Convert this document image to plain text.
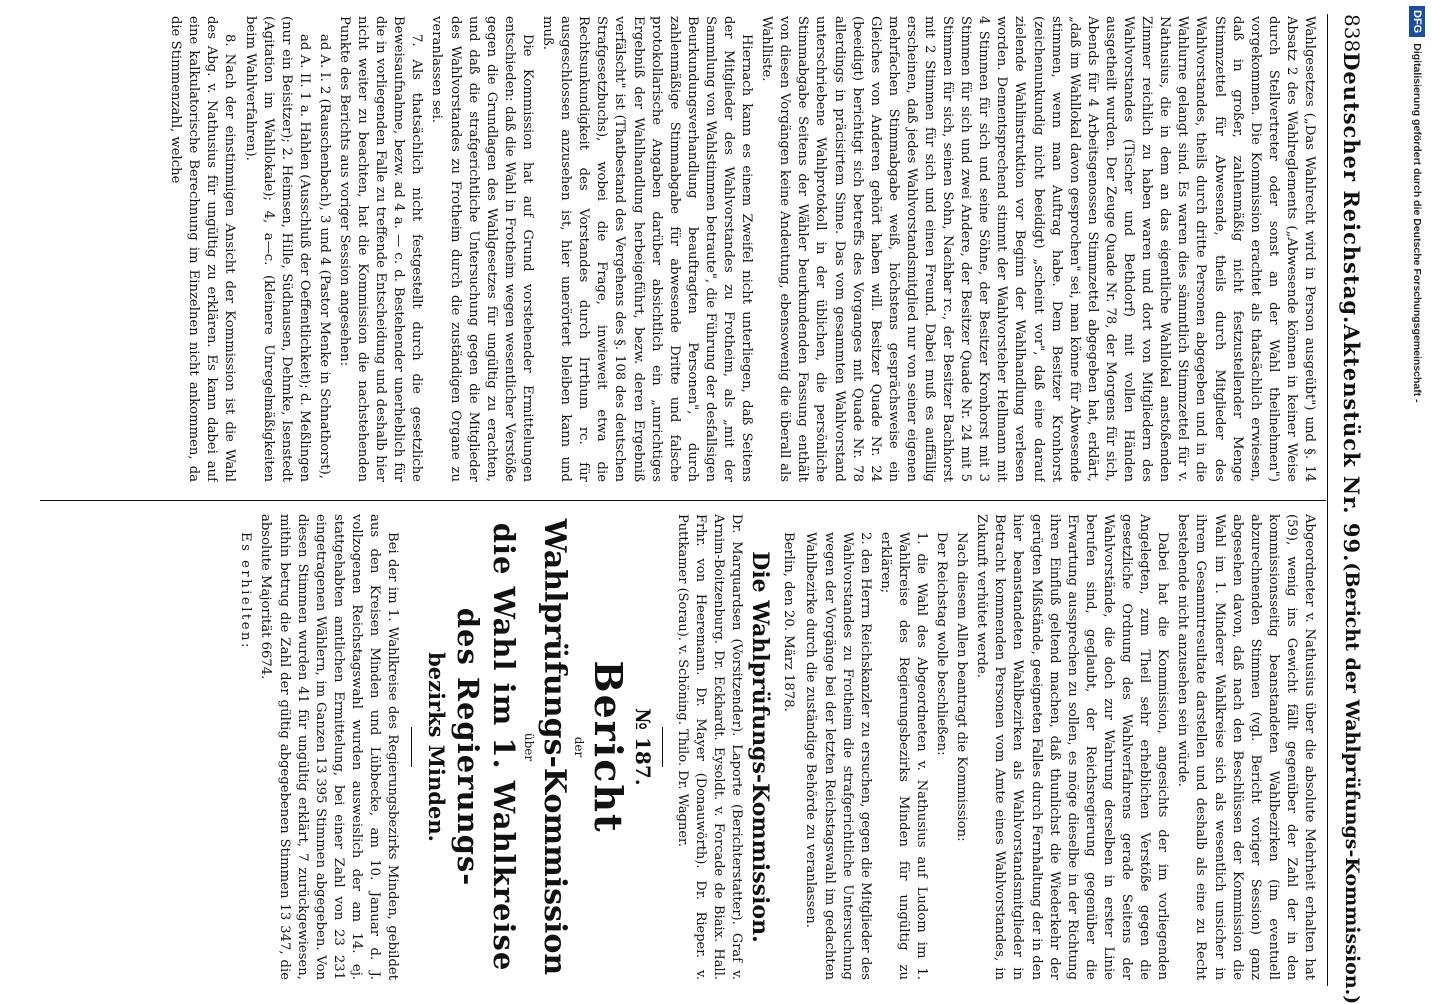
838
Deutscher Reichstag.
Aktenstück Nr. 99.
(Bericht der Wahlprüfungs-Kommission.)

Wahlgesetzes („Das Wahlrecht wird in Person ausgeübt") und §. 14 Absatz 2 des Wahlreglements („Abwesende können in keiner Weise durch Stellvertreter oder sonst an der Wahl theilnehmen") vorgekommen. Die Kommission erachtet als thatsächlich erwiesen, daß in großer, zahlenmäßig nicht festzustellender Menge Stimmzettel für Abwesende, theils durch Mitglieder des Wahlvorstandes, theils durch dritte Personen abgegeben und in die Wahlurne gelangt sind. Es waren dies sämmtlich Stimmzettel für v. Nathusius, die in dem an das eigentliche Wahllokal anstoßenden Zimmer reichlich zu haben waren und dort von Mitgliedern des Wahlvorstandes (Tischer und Bethdorf) mit vollen Händen ausgetheilt wurden. Der Zeuge Quade Nr. 78, der Morgens für sich, Abends für 4 Arbeitsgenossen Stimmzettel abgegeben hat, erklärt, „daß im Wahllokal davon gesprochen" sei, man könne für Abwesende stimmen, wenn man Auftrag habe. Dem Besitzer Kronhorst (zeichenunkundig nicht beeidigt) „scheint vor", daß eine darauf zielende Wahlinstruktion vor Beginn der Wahlhandlung verlesen worden. Dementsprechend stimmt der Wahlvorsteher Hellmann mit 4 Stimmen für sich und seine Söhne, der Besitzer Kronhorst mit 3 Stimmen für sich und zwei Andere, der Besitzer Quade Nr. 24 mit 5 Stimmen für sich, seinen Sohn, Nachbar rc., der Besitzer Bachhorst mit 2 Stimmen für sich und einen Freund. Dabei muß es auffällig erscheinen, daß jedes Wahlvorstandsmitglied nur von seiner eigenen mehrfachen Stimmabgabe weiß, höchstens gesprächsweise ein Gleiches von Anderen gehört haben will. Besitzer Quade Nr. 24 (beeidigt) berichtigt sich betreffs des Vorganges mit Quade Nr. 78 allerdings in präcisirtem Sinne. Das vom gesammten Wahlvorstand unterschriebene Wahlprotokoll in der üblichen, die persönliche Stimmabgabe Seitens der Wähler beurkundenden Fassung enthält von diesen Vorgängen keine Andeutung, ebensowenig die überall als Wahlliste.

Hiernach kann es einem Zweifel nicht unterliegen, daß Seitens der Mitglieder des Wahlvorstandes zu Frotheim, als „mit der Sammlung von Wahlstimmen betraute", die Führung der desfallsigen Beurkundungsverhandlung beauftragten Personen", durch zahlenmäßige Stimmabgabe für abwesende Dritte und falsche protokollarische Angaben darüber absichtlich ein „unrichtiges Ergebniß der Wahlhandlung herbeigeführt, bezw. deren Ergebniß verfälscht" ist (Thatbestand des Vergehens des §. 108 des deutschen Strafgesetzbuchs), wobei die Frage, inwieweit etwa die Rechtsunkundigkeit des Vorstandes durch Irrthum rc. für ausgeschlossen anzusehen ist, hier unerörtert bleiben kann und muß.

Die Kommission hat auf Grund vorstehender Ermittelungen entschieden: daß die Wahl in Frotheim wegen wesentlicher Verstöße gegen die Grundlagen des Wahlgesetzes für ungültig zu erachten, und daß die strafgerichtliche Untersuchung gegen die Mitglieder des Wahlvorstandes zu Frotheim durch die zuständigen Organe zu veranlassen sei.

7. Als thatsächlich nicht festgestellt durch die gesetzliche Beweisaufnahme, bezw. ad 4 a. — c. d. Bestehender unerheblich für die in vorliegenden Falle zu treffende Entscheidung und deshalb hier nicht weiter zu beachten, hat die Kommission die nachstehenden Punkte des Berichts aus voriger Session angesehen:

ad A. I. 2 (Rauschenbach), 3 und 4 (Pastor Menke in Schnathorst),

ad A. II. 1 a. Hahlen (Ausschluß der Oeffentlichkeit); d. Meßlingen (nur ein Beisitzer); 2. Heimsen, Hille, Südhausen, Dehmke, Isenstedt (Agitation im Wahllokale); 4, a—c. (kleinere Unregelmäßigkeiten beim Wahlverfahren).

8. Nach der einstimmigen Ansicht der Kommission ist die Wahl des Abg. v. Nathusius für ungültig zu erklären. Es kann dabei auf eine kalkulatorische Berechnung im Einzelnen nicht ankommen, da die Stimmenzahl, welche

Abgeordneter v. Nathusius über die absolute Mehrheit erhalten hat (59), wenig ins Gewicht fällt gegenüber der Zahl der in den kommissionsseitig beanstandeten Wahlbezirken (im eventuell abzurechnenden Stimmen (vgl. Bericht voriger Session) ganz abgesehen davon, daß nach den Beschlüssen der Kommission die Wahl im 1. Minderer Wahlkreise sich als wesentlich unsicher in ihrem Gesammtresultate darstellen und deshalb als eine zu Recht bestehende nicht anzusehen sein würde.

Dabei hat die Kommission, angesichts der im vorliegenden Angelegten, zum Theil sehr erheblichen Verstöße gegen die gesetzliche Ordnung des Wahlverfahrens gerade Seitens der Wahlvorstände, die doch zur Wahrung derselben in erster Linie berufen sind, geglaubt, der Reichsregierung gegenüber die Erwartung aussprechen zu sollen, es möge dieselbe in der Richtung ihren Einfluß geltend machen, daß thunlichst die Wiederkehr der gerügten Mißstände, geeigneten Falles durch Fernhaltung der in den hier beanstandeten Wahlbezirken als Wahlvorstandsmitglieder in Betracht kommenden Personen vom Amte eines Wahlvorstandes, in Zukunft verhütet werde.

Nach diesem Allen beantragt die Kommission:

Der Reichstag wolle beschließen:

1. die Wahl des Abgeordneten v. Nathusius auf Ludom im 1. Wahlkreise des Regierungsbezirks Minden für ungültig zu erklären;

2. den Herrn Reichskanzler zu ersuchen, gegen die Mitglieder des Wahlvorstandes zu Frotheim die strafgerichtliche Untersuchung wegen der Vorgänge bei der letzten Reichstagswahl im gedachten Wahlbezirke durch die zuständige Behörde zu veranlassen.

Berlin, den 20. März 1878.

Die Wahlprüfungs-Kommission.

Dr. Marquardsen (Vorsitzender). Laporte (Berichterstatter). Graf v. Arnim-Boitzenburg. Dr. Eckhardt. Eysoldt. v. Forcade de Biaix. Hall. Frhr. von Heeremann. Dr. Mayer (Donauwörth). Dr. Rieper. v. Puttkamer (Sorau). v. Schöning. Thilo. Dr. Wagner.

№ 187.
Bericht
der
Wahlprüfungs-Kommission
über
die Wahl im 1. Wahlkreise des Regierungs-
bezirks Minden.

Bei der im 1. Wahlkreise des Regierungsbezirks Minden, gebildet aus den Kreisen Minden und Lübbecke, am 10. Januar d. J. vollzogenen Reichstagswahl wurden ausweislich der am 14. ej. stattgehabten amtlichen Ermittelung, bei einer Zahl von 23 231 eingetragenen Wählern, im Ganzen 13 395 Stimmen abgegeben. Von diesen Stimmen wurden 41 für ungültig erklärt, 7 zurückgewiesen, mithin betrug die Zahl der gültig abgegebenen Stimmen 13 347, die absolute Majorität 6674.

Es erhielten:

DFGDigitalisierung gefördert durch die Deutsche Forschungsgemeinschaft -
